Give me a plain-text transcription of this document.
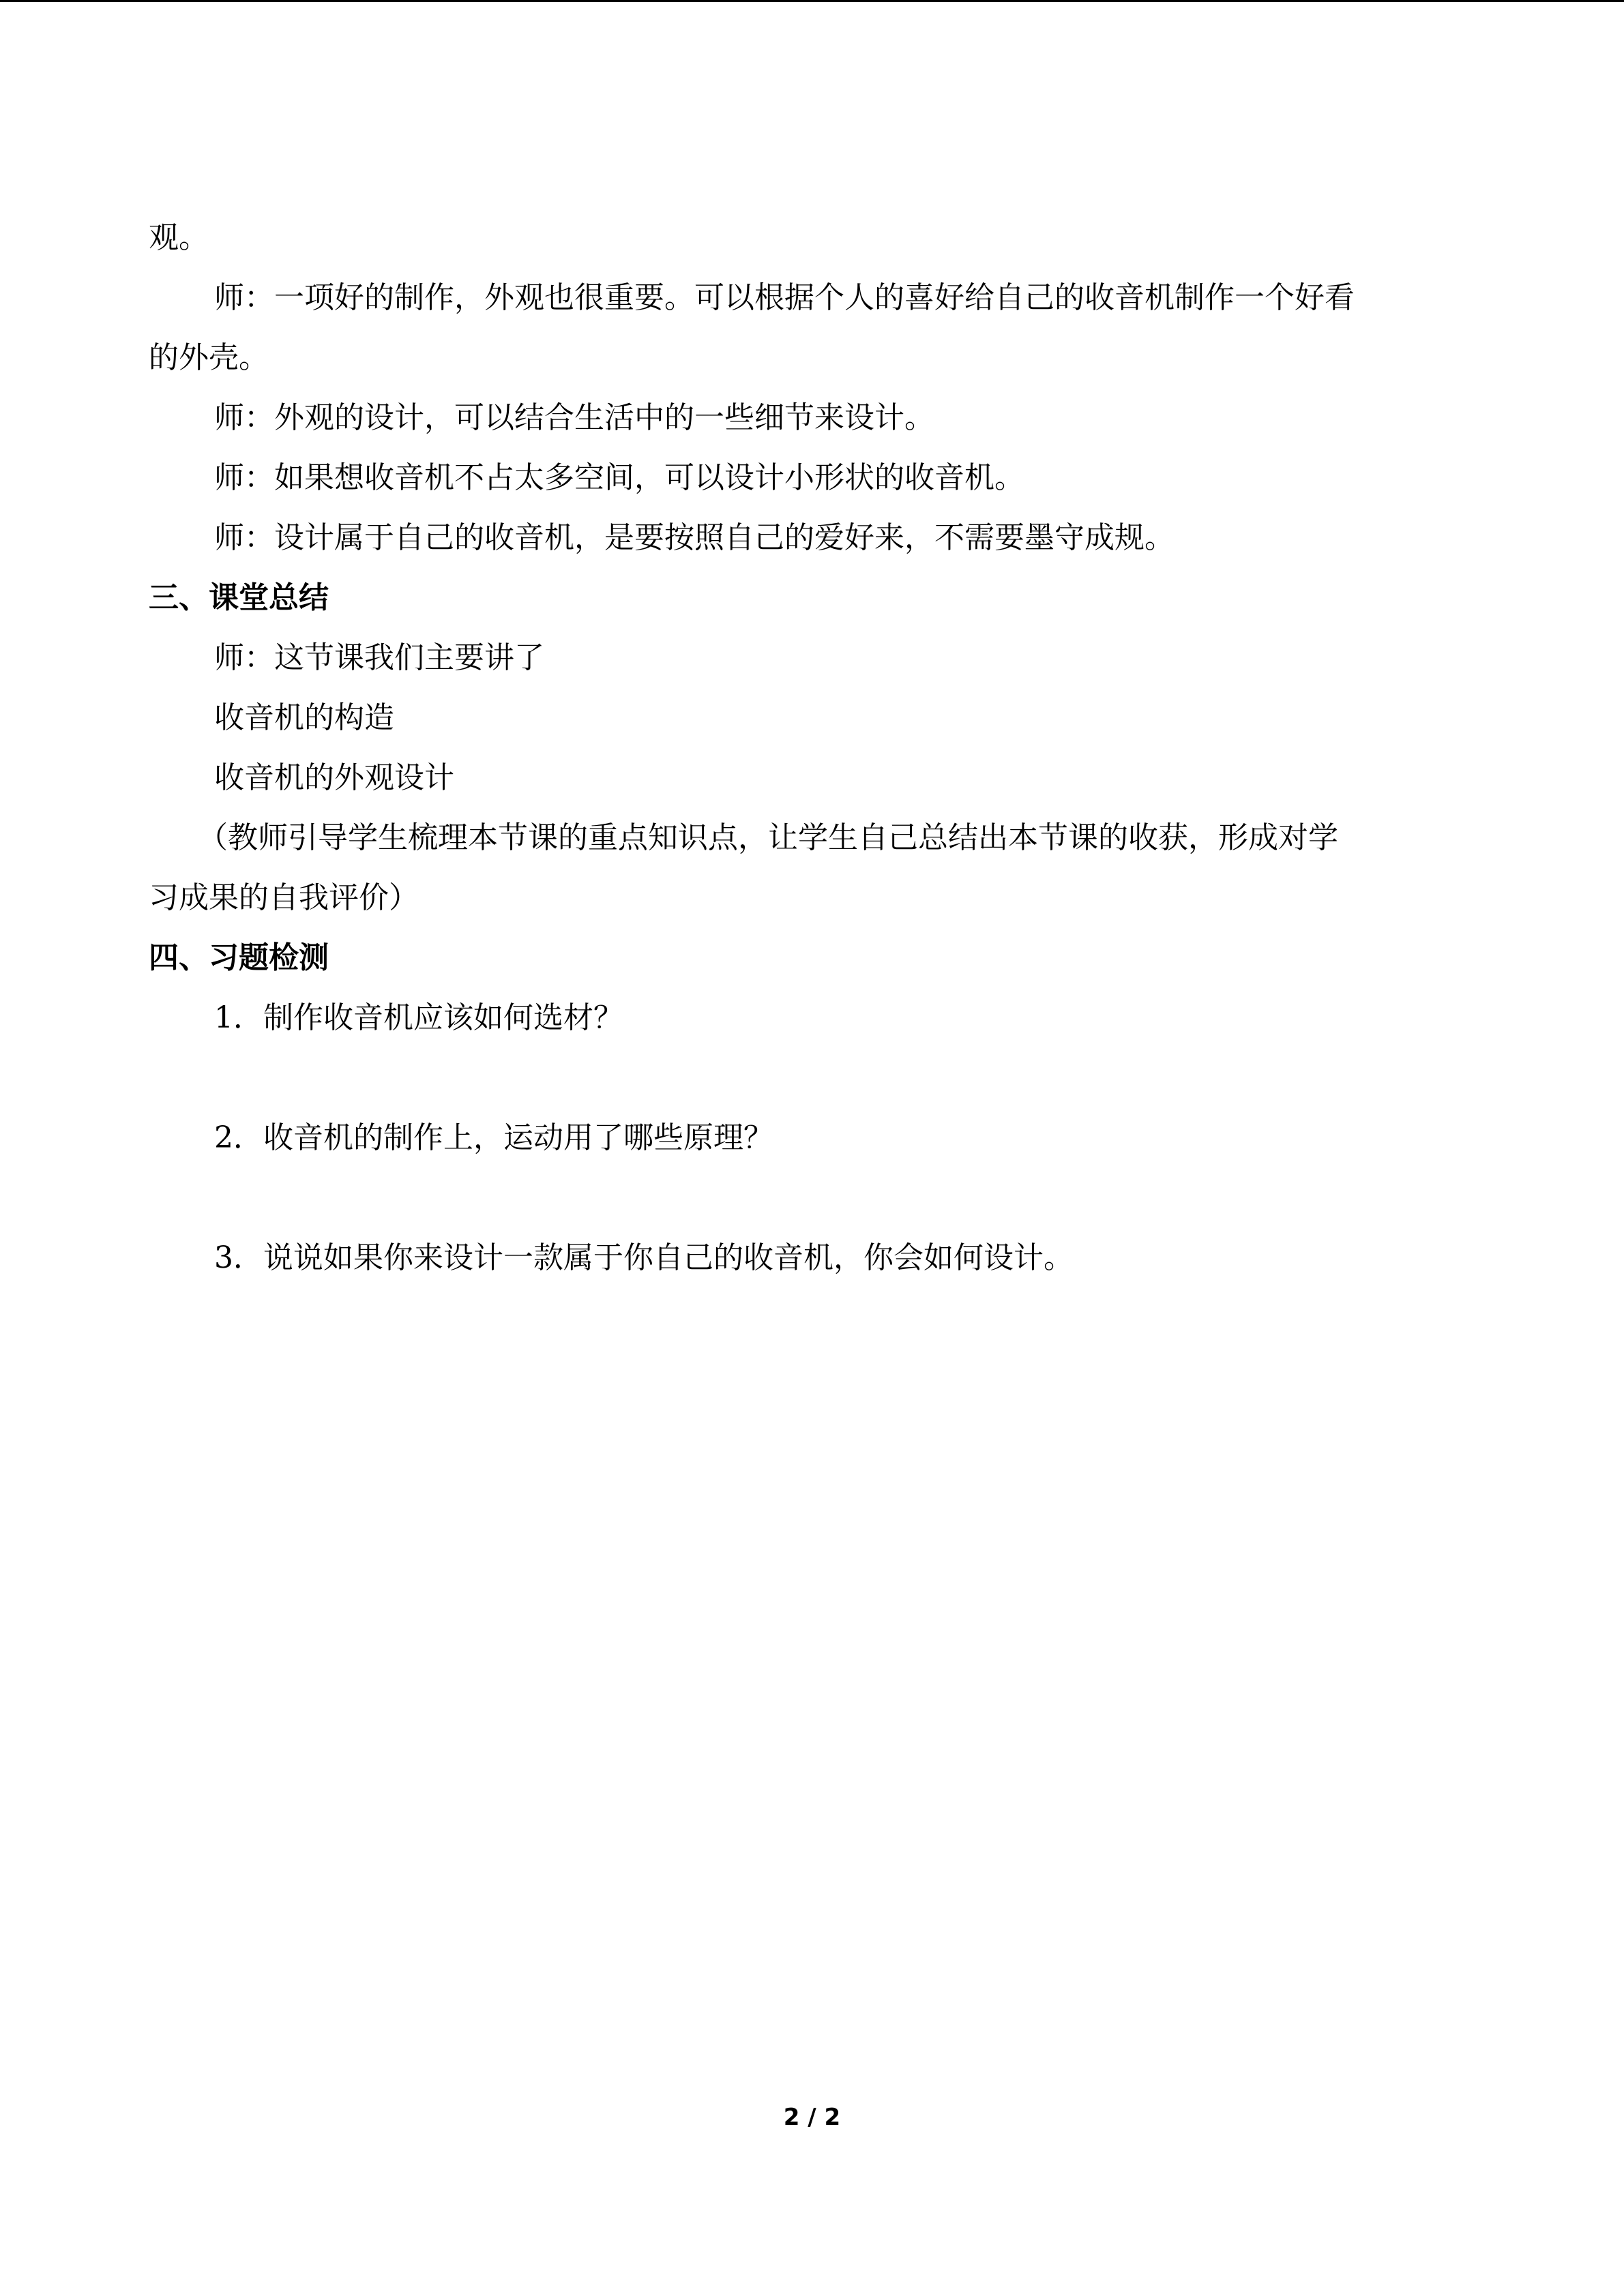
观。
师：一项好的制作，外观也很重要。可以根据个人的喜好给自己的收音机制作一个好看
的外壳。
师：外观的设计，可以结合生活中的一些细节来设计。
师：如果想收音机不占太多空间，可以设计小形状的收音机。
师：设计属于自己的收音机，是要按照自己的爱好来，不需要墨守成规。
三、课堂总结
师：这节课我们主要讲了
收音机的构造
收音机的外观设计
（教师引导学生梳理本节课的重点知识点，让学生自己总结出本节课的收获，形成对学
习成果的自我评价）
四、习题检测
1．制作收音机应该如何选材？
2．收音机的制作上，运动用了哪些原理？
3．说说如果你来设计一款属于你自己的收音机，你会如何设计。
2 / 2
